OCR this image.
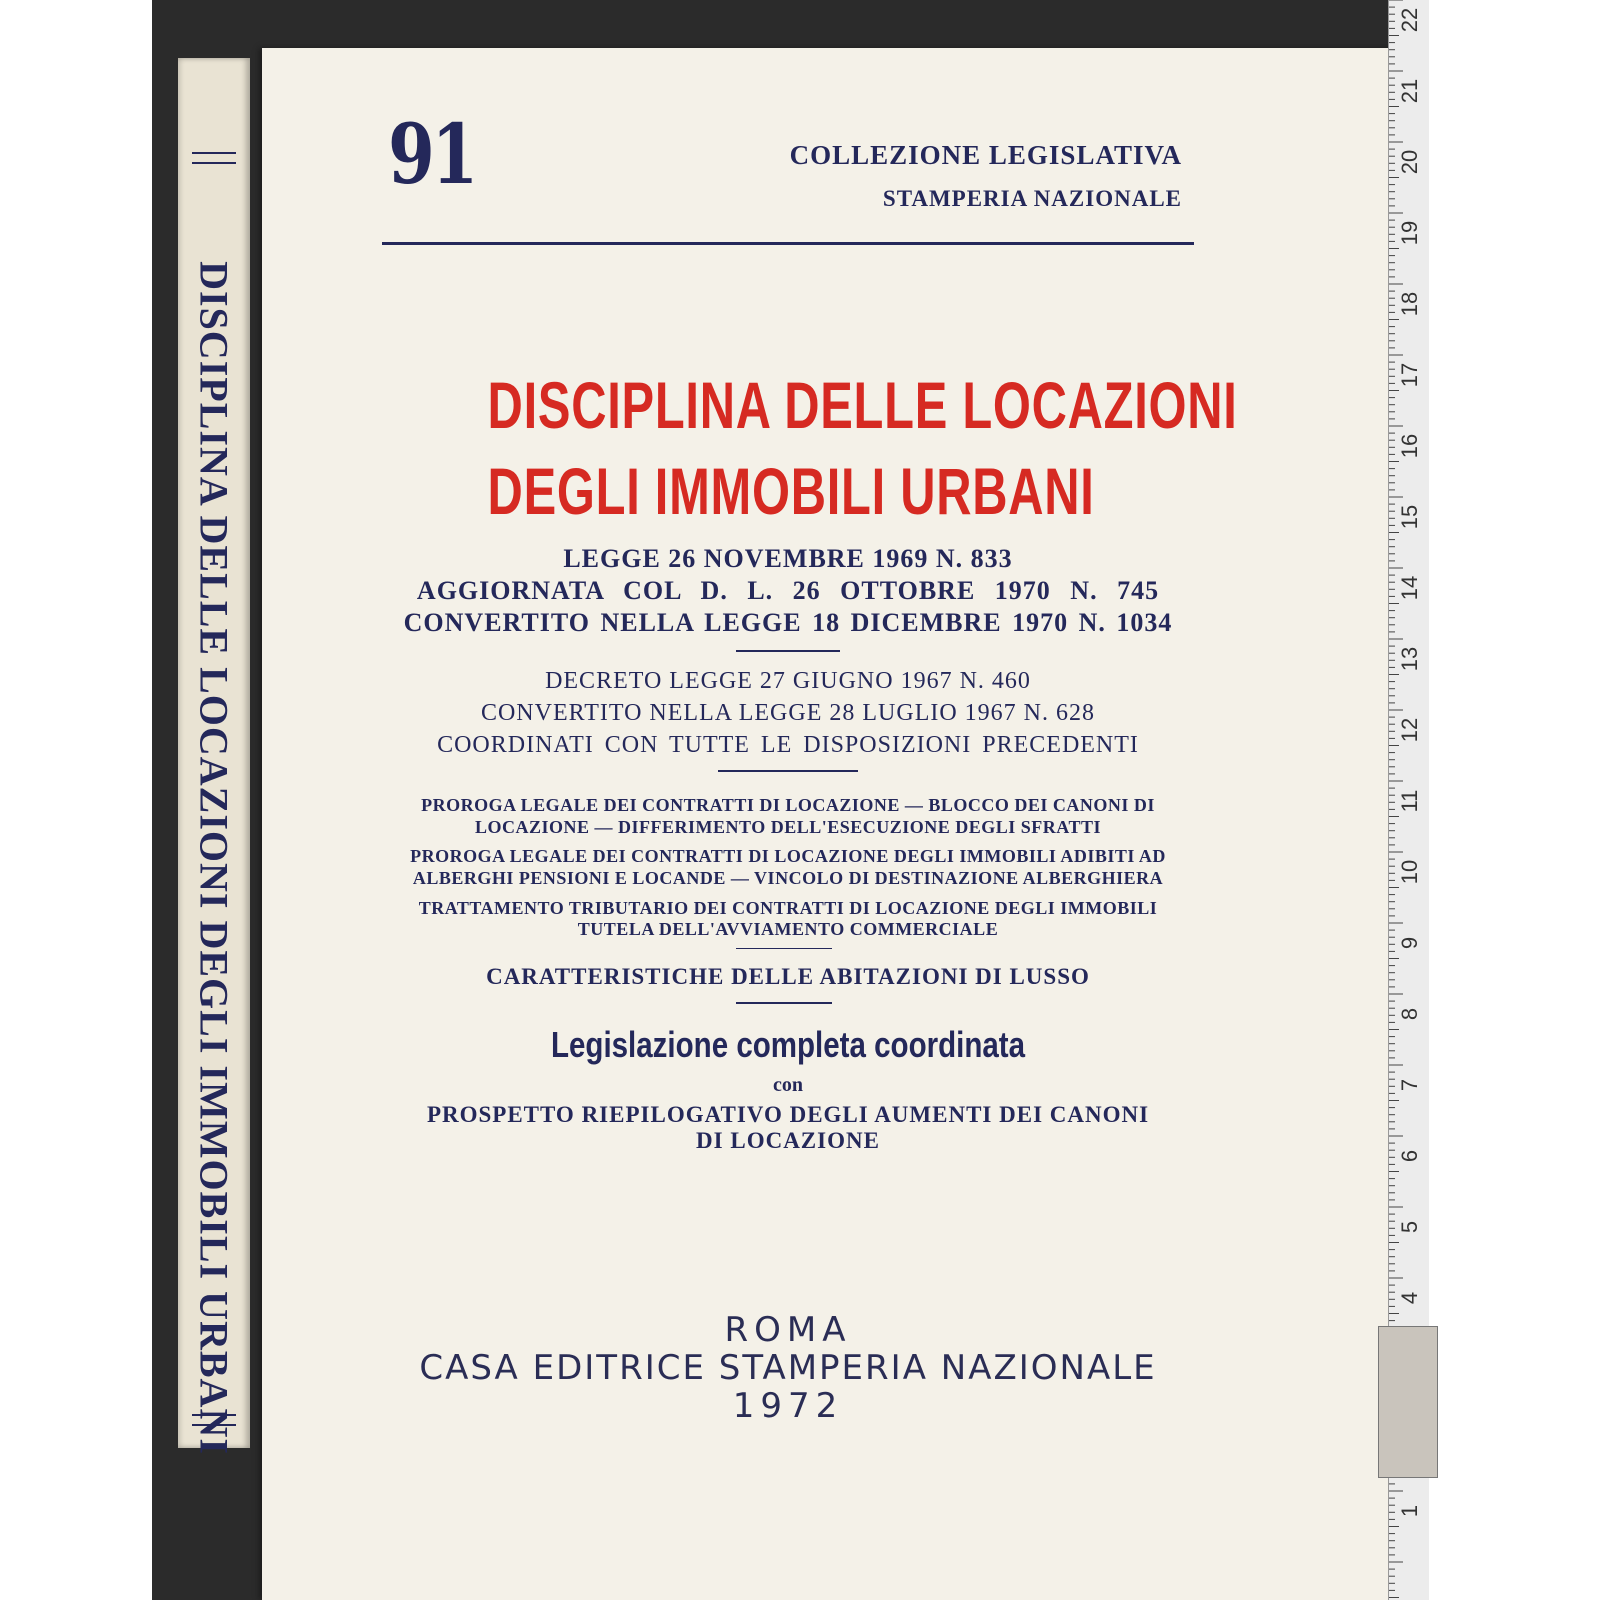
DISCIPLINA DELLE LOCAZIONI DEGLI IMMOBILI URBANI
91	COLLEZIONE LEGISLATIVA
STAMPERIA NAZIONALE
DISCIPLINA DELLE LOCAZIONI
DEGLI IMMOBILI URBANI
LEGGE 26 NOVEMBRE 1969 N. 833
AGGIORNATA COL D. L. 26 OTTOBRE 1970 N. 745
CONVERTITO NELLA LEGGE 18 DICEMBRE 1970 N. 1034
DECRETO LEGGE 27 GIUGNO 1967 N. 460
CONVERTITO NELLA LEGGE 28 LUGLIO 1967 N. 628
COORDINATI CON TUTTE LE DISPOSIZIONI PRECEDENTI
PROROGA LEGALE DEI CONTRATTI DI LOCAZIONE — BLOCCO DEI CANONI DI
LOCAZIONE — DIFFERIMENTO DELL'ESECUZIONE DEGLI SFRATTI
PROROGA LEGALE DEI CONTRATTI DI LOCAZIONE DEGLI IMMOBILI ADIBITI AD
ALBERGHI PENSIONI E LOCANDE — VINCOLO DI DESTINAZIONE ALBERGHIERA
TRATTAMENTO TRIBUTARIO DEI CONTRATTI DI LOCAZIONE DEGLI IMMOBILI
TUTELA DELL'AVVIAMENTO COMMERCIALE
CARATTERISTICHE DELLE ABITAZIONI DI LUSSO
Legislazione completa coordinata
con
PROSPETTO RIEPILOGATIVO DEGLI AUMENTI DEI CANONI
DI LOCAZIONE
ROMA
CASA EDITRICE STAMPERIA NAZIONALE
1972
22
21
20
19
18
17
16
15
14
13
12
11
10
9
8
7
6
5
4
1
